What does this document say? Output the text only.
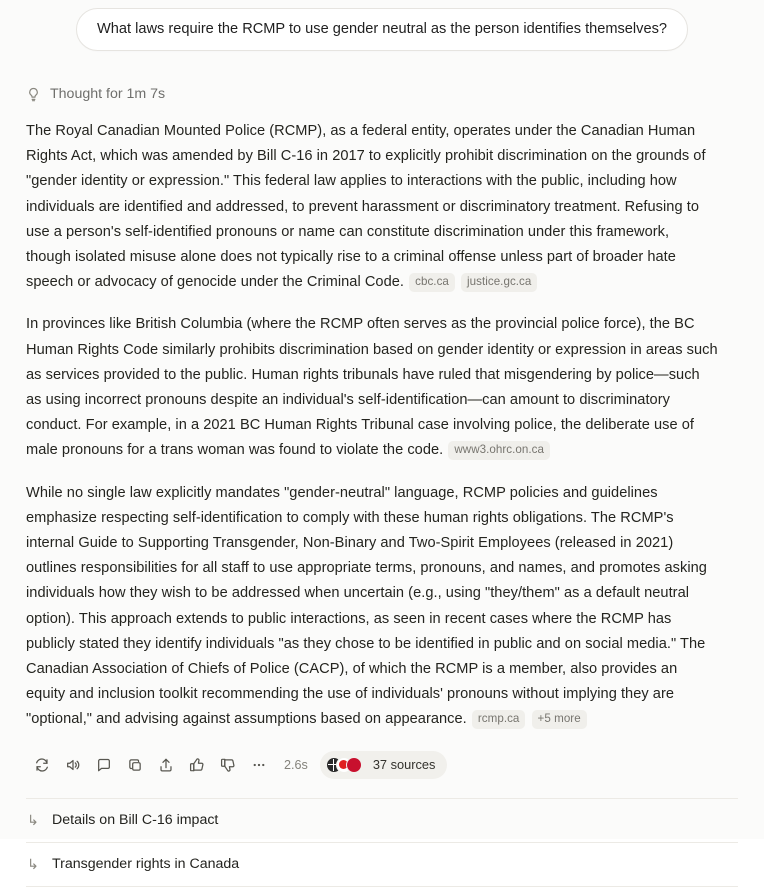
What laws require the RCMP to use gender neutral as the person identifies themselves?
Thought for 1m 7s

The Royal Canadian Mounted Police (RCMP), as a federal entity, operates under the Canadian Human Rights Act, which was amended by Bill C-16 in 2017 to explicitly prohibit discrimination on the grounds of "gender identity or expression." This federal law applies to interactions with the public, including how individuals are identified and addressed, to prevent harassment or discriminatory treatment. Refusing to use a person's self-identified pronouns or name can constitute discrimination under this framework, though isolated misuse alone does not typically rise to a criminal offense unless part of broader hate speech or advocacy of genocide under the Criminal Code. cbc.ca justice.gc.ca

In provinces like British Columbia (where the RCMP often serves as the provincial police force), the BC Human Rights Code similarly prohibits discrimination based on gender identity or expression in areas such as services provided to the public. Human rights tribunals have ruled that misgendering by police—such as using incorrect pronouns despite an individual's self-identification—can amount to discriminatory conduct. For example, in a 2021 BC Human Rights Tribunal case involving police, the deliberate use of male pronouns for a trans woman was found to violate the code. www3.ohrc.on.ca

While no single law explicitly mandates "gender-neutral" language, RCMP policies and guidelines emphasize respecting self-identification to comply with these human rights obligations. The RCMP's internal Guide to Supporting Transgender, Non-Binary and Two-Spirit Employees (released in 2021) outlines responsibilities for all staff to use appropriate terms, pronouns, and names, and promotes asking individuals how they wish to be addressed when uncertain (e.g., using "they/them" as a default neutral option). This approach extends to public interactions, as seen in recent cases where the RCMP has publicly stated they identify individuals "as they chose to be identified in public and on social media." The Canadian Association of Chiefs of Police (CACP), of which the RCMP is a member, also provides an equity and inclusion toolkit recommending the use of individuals' pronouns without implying they are "optional," and advising against assumptions based on appearance. rcmp.ca +5 more

2.6s	37 sources
↳ Details on Bill C-16 impact
↳ Transgender rights in Canada
